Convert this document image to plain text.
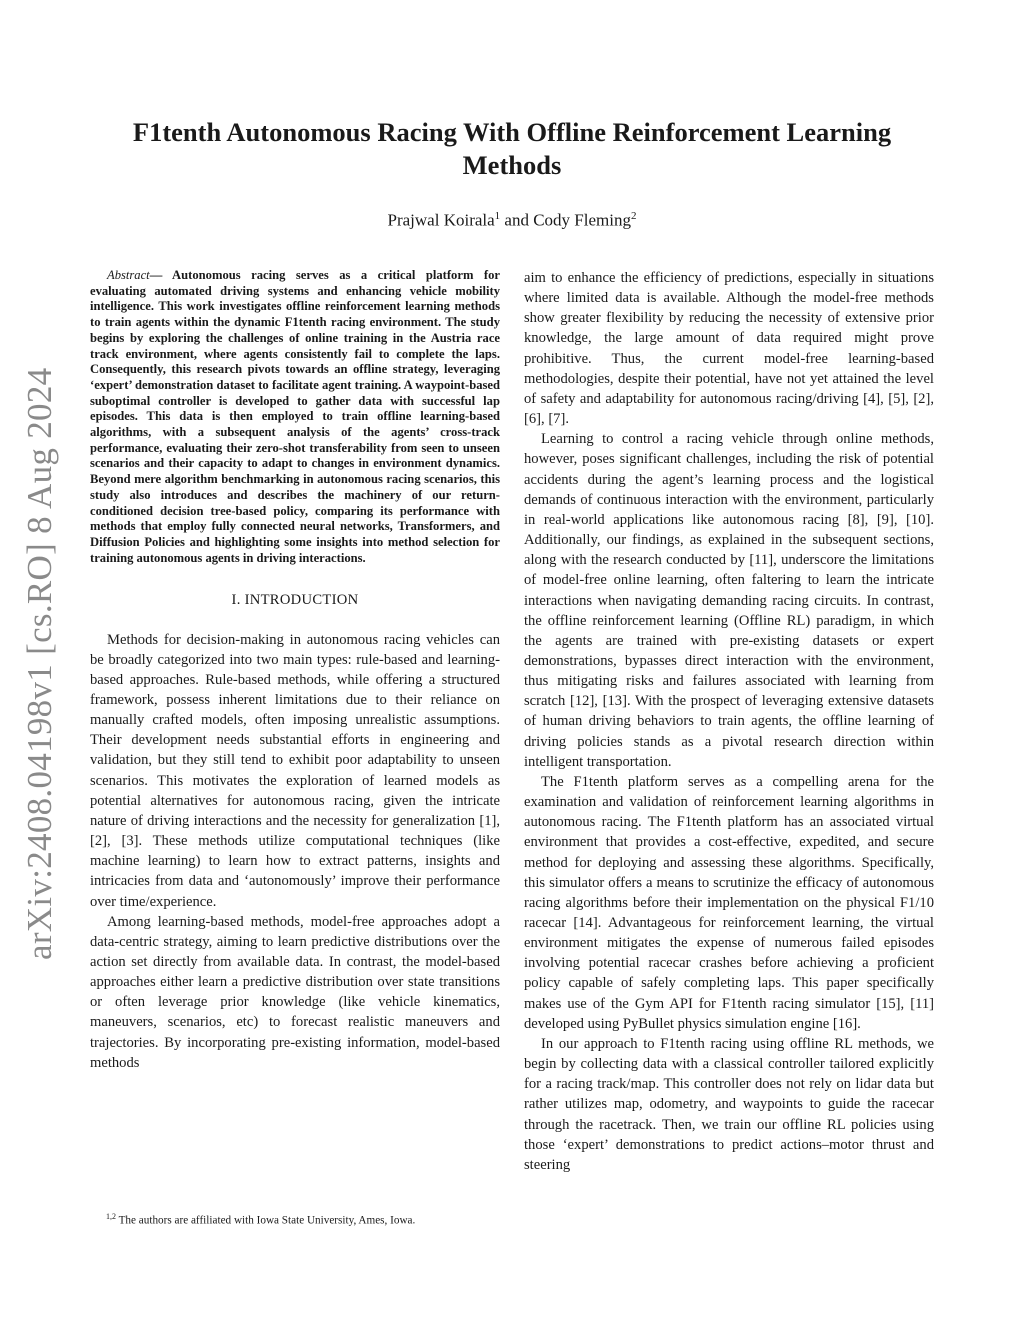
arXiv:2408.04198v1 [cs.RO] 8 Aug 2024
F1tenth Autonomous Racing With Offline Reinforcement Learning Methods
Prajwal Koirala$^1$ and Cody Fleming$^2$
Abstract— Autonomous racing serves as a critical platform for evaluating automated driving systems and enhancing vehicle mobility intelligence. This work investigates offline reinforcement learning methods to train agents within the dynamic F1tenth racing environment. The study begins by exploring the challenges of online training in the Austria race track environment, where agents consistently fail to complete the laps. Consequently, this research pivots towards an offline strategy, leveraging ‘expert’ demonstration dataset to facilitate agent training. A waypoint-based suboptimal controller is developed to gather data with successful lap episodes. This data is then employed to train offline learning-based algorithms, with a subsequent analysis of the agents’ cross-track performance, evaluating their zero-shot transferability from seen to unseen scenarios and their capacity to adapt to changes in environment dynamics. Beyond mere algorithm benchmarking in autonomous racing scenarios, this study also introduces and describes the machinery of our return-conditioned decision tree-based policy, comparing its performance with methods that employ fully connected neural networks, Transformers, and Diffusion Policies and highlighting some insights into method selection for training autonomous agents in driving interactions.
I. INTRODUCTION

Methods for decision-making in autonomous racing vehicles can be broadly categorized into two main types: rule-based and learning-based approaches. Rule-based methods, while offering a structured framework, possess inherent limitations due to their reliance on manually crafted models, often imposing unrealistic assumptions. Their development needs substantial efforts in engineering and validation, but they still tend to exhibit poor adaptability to unseen scenarios. This motivates the exploration of learned models as potential alternatives for autonomous racing, given the intricate nature of driving interactions and the necessity for generalization [1], [2], [3]. These methods utilize computational techniques (like machine learning) to learn how to extract patterns, insights and intricacies from data and ‘autonomously’ improve their performance over time/experience.

Among learning-based methods, model-free approaches adopt a data-centric strategy, aiming to learn predictive distributions over the action set directly from available data. In contrast, the model-based approaches either learn a predictive distribution over state transitions or often leverage prior knowledge (like vehicle kinematics, maneuvers, scenarios, etc) to forecast realistic maneuvers and trajectories. By incorporating pre-existing information, model-based methods

aim to enhance the efficiency of predictions, especially in situations where limited data is available. Although the model-free methods show greater flexibility by reducing the necessity of extensive prior knowledge, the large amount of data required might prove prohibitive. Thus, the current model-free learning-based methodologies, despite their potential, have not yet attained the level of safety and adaptability for autonomous racing/driving [4], [5], [2], [6], [7].

Learning to control a racing vehicle through online methods, however, poses significant challenges, including the risk of potential accidents during the agent’s learning process and the logistical demands of continuous interaction with the environment, particularly in real-world applications like autonomous racing [8], [9], [10]. Additionally, our findings, as explained in the subsequent sections, along with the research conducted by [11], underscore the limitations of model-free online learning, often faltering to learn the intricate interactions when navigating demanding racing circuits. In contrast, the offline reinforcement learning (Offline RL) paradigm, in which the agents are trained with pre-existing datasets or expert demonstrations, bypasses direct interaction with the environment, thus mitigating risks and failures associated with learning from scratch [12], [13]. With the prospect of leveraging extensive datasets of human driving behaviors to train agents, the offline learning of driving policies stands as a pivotal research direction within intelligent transportation.

The F1tenth platform serves as a compelling arena for the examination and validation of reinforcement learning algorithms in autonomous racing. The F1tenth platform has an associated virtual environment that provides a cost-effective, expedited, and secure method for deploying and assessing these algorithms. Specifically, this simulator offers a means to scrutinize the efficacy of autonomous racing algorithms before their implementation on the physical F1/10 racecar [14]. Advantageous for reinforcement learning, the virtual environment mitigates the expense of numerous failed episodes involving potential racecar crashes before achieving a proficient policy capable of safely completing laps. This paper specifically makes use of the Gym API for F1tenth racing simulator [15], [11] developed using PyBullet physics simulation engine [16].

In our approach to F1tenth racing using offline RL methods, we begin by collecting data with a classical controller tailored explicitly for a racing track/map. This controller does not rely on lidar data but rather utilizes map, odometry, and waypoints to guide the racecar through the racetrack. Then, we train our offline RL policies using those ‘expert’ demonstrations to predict actions–motor thrust and steering

$^{1,2}$ The authors are affiliated with Iowa State University, Ames, Iowa.
